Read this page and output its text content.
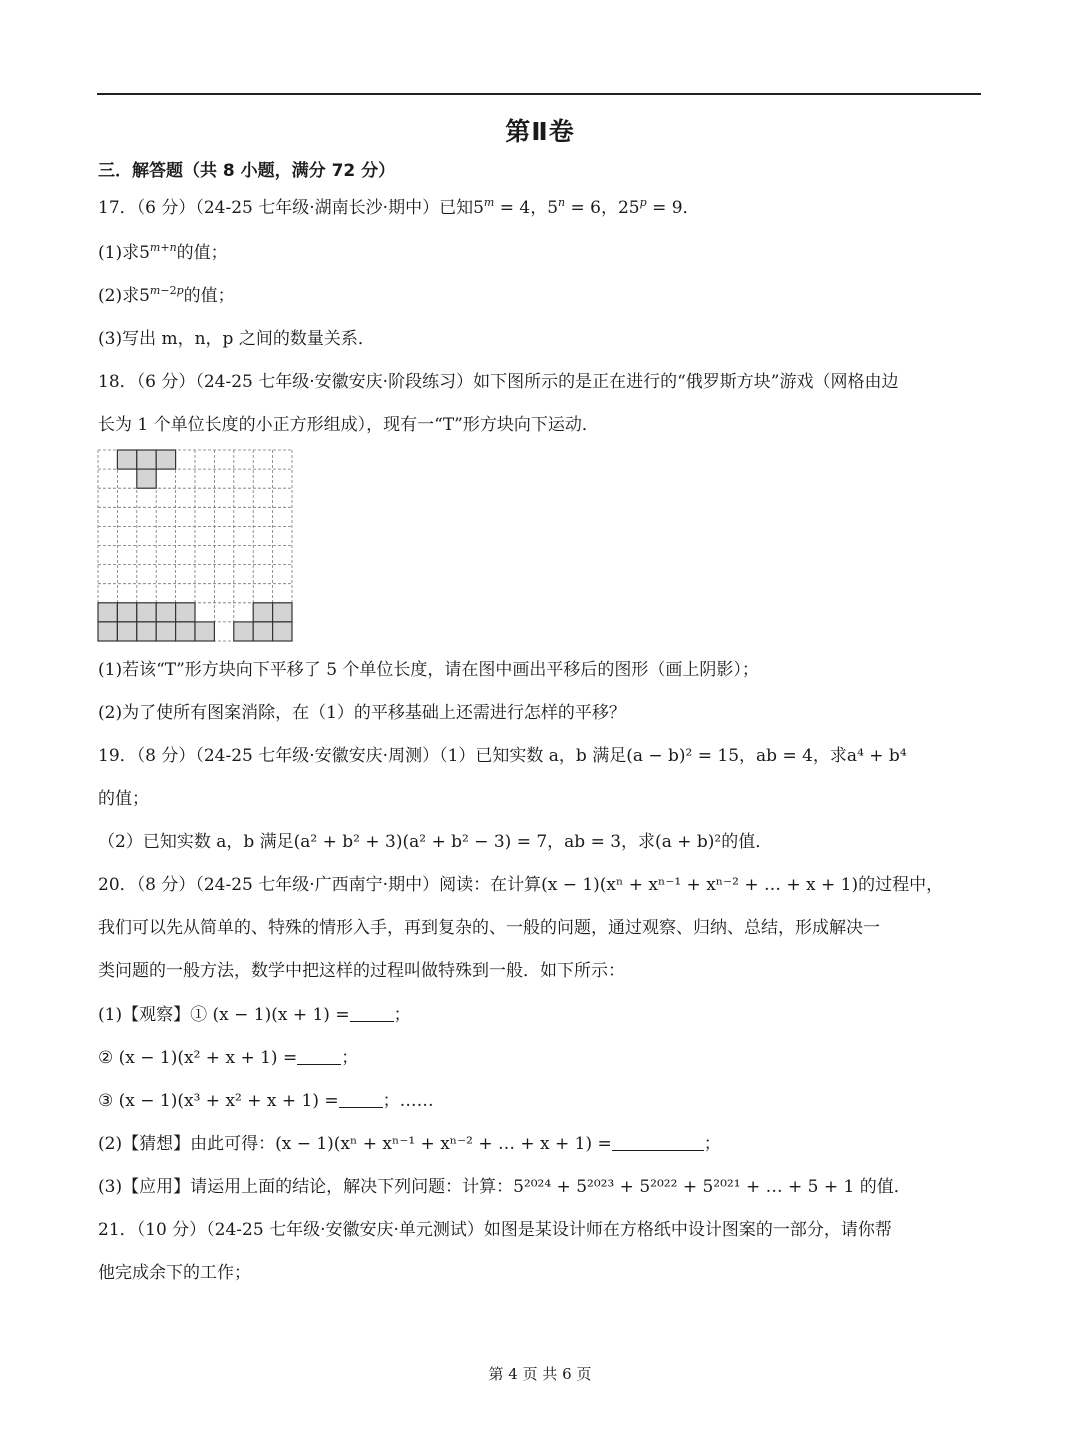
第Ⅱ卷
三．解答题（共 8 小题，满分 72 分）
17．（6 分）（24-25 七年级·湖南长沙·期中）已知$5^m = 4$，$5^n = 6$，$25^p = 9$．
(1)求$5^{m+n}$的值；
(2)求$5^{m-2p}$的值；
(3)写出 m，n，p 之间的数量关系．
18．（6 分）（24-25 七年级·安徽安庆·阶段练习）如下图所示的是正在进行的“俄罗斯方块”游戏（网格由边
长为 1 个单位长度的小正方形组成），现有一“T”形方块向下运动．
(1)若该“T”形方块向下平移了 5 个单位长度，请在图中画出平移后的图形（画上阴影）；
(2)为了使所有图案消除，在（1）的平移基础上还需进行怎样的平移？
19．（8 分）（24-25 七年级·安徽安庆·周测）（1）已知实数 a，b 满足(a − b)² = 15，ab = 4，求a⁴ + b⁴
的值；
（2）已知实数 a，b 满足(a² + b² + 3)(a² + b² − 3) = 7，ab = 3，求(a + b)²的值．
20．（8 分）（24-25 七年级·广西南宁·期中）阅读：在计算(x − 1)(xⁿ + xⁿ⁻¹ + xⁿ⁻² + … + x + 1)的过程中，
我们可以先从简单的、特殊的情形入手，再到复杂的、一般的问题，通过观察、归纳、总结，形成解决一
类问题的一般方法，数学中把这样的过程叫做特殊到一般．如下所示：
(1)【观察】① (x − 1)(x + 1) =	；
② (x − 1)(x² + x + 1) =	；
③ (x − 1)(x³ + x² + x + 1) =	；……
(2)【猜想】由此可得：(x − 1)(xⁿ + xⁿ⁻¹ + xⁿ⁻² + … + x + 1) =	；
(3)【应用】请运用上面的结论，解决下列问题：计算：5²⁰²⁴ + 5²⁰²³ + 5²⁰²² + 5²⁰²¹ + … + 5 + 1 的值．
21．（10 分）（24-25 七年级·安徽安庆·单元测试）如图是某设计师在方格纸中设计图案的一部分，请你帮
他完成余下的工作；
第 4 页 共 6 页
